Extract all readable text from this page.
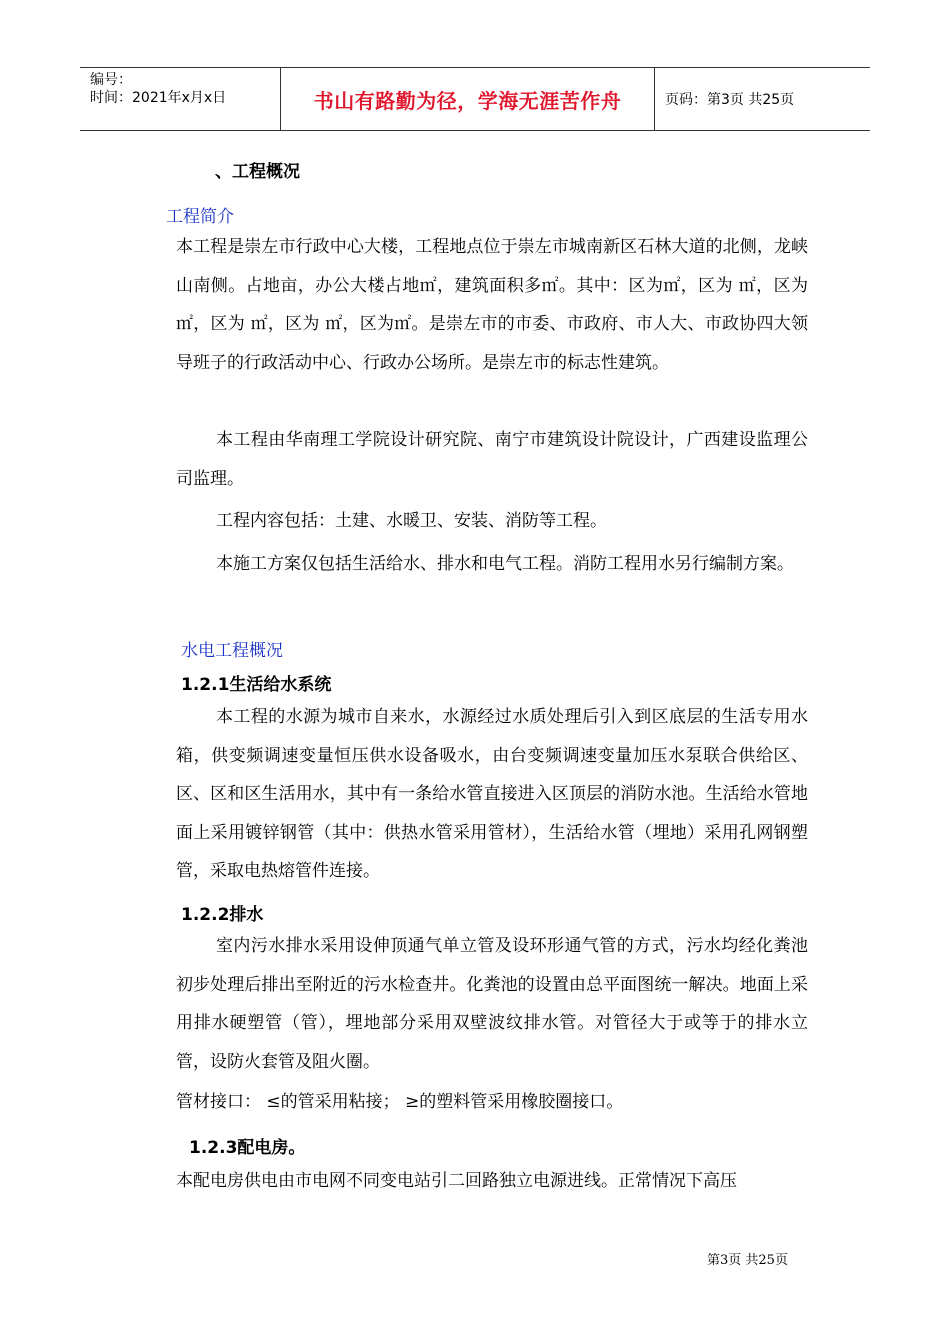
编号：
时间：2021年x月x日	书山有路勤为径，学海无涯苦作舟	页码：第3页 共25页
、工程概况
工程简介

本工程是崇左市行政中心大楼，工程地点位于崇左市城南新区石林大道的北侧，龙峡山南侧。占地亩，办公大楼占地㎡，建筑面积多㎡。其中：区为㎡，区为 ㎡，区为 ㎡，区为 ㎡，区为 ㎡，区为㎡。是崇左市的市委、市政府、市人大、市政协四大领导班子的行政活动中心、行政办公场所。是崇左市的标志性建筑。

本工程由华南理工学院设计研究院、南宁市建筑设计院设计，广西建设监理公司监理。

工程内容包括：土建、水暖卫、安装、消防等工程。

本施工方案仅包括生活给水、排水和电气工程。消防工程用水另行编制方案。

水电工程概况
1.2.1生活给水系统

本工程的水源为城市自来水，水源经过水质处理后引入到区底层的生活专用水箱，供变频调速变量恒压供水设备吸水，由台变频调速变量加压水泵联合供给区、区、区和区生活用水，其中有一条给水管直接进入区顶层的消防水池。生活给水管地面上采用镀锌钢管（其中：供热水管采用管材），生活给水管（埋地）采用孔网钢塑管，采取电热熔管件连接。

1.2.2排水

室内污水排水采用设伸顶通气单立管及设环形通气管的方式，污水均经化粪池初步处理后排出至附近的污水检查井。化粪池的设置由总平面图统一解决。地面上采用排水硬塑管（管），埋地部分采用双壁波纹排水管。对管径大于或等于的排水立管，设防火套管及阻火圈。

管材接口： ≤的管采用粘接； ≥的塑料管采用橡胶圈接口。

1.2.3配电房。

本配电房供电由市电网不同变电站引二回路独立电源进线。正常情况下高压

第3页 共25页
